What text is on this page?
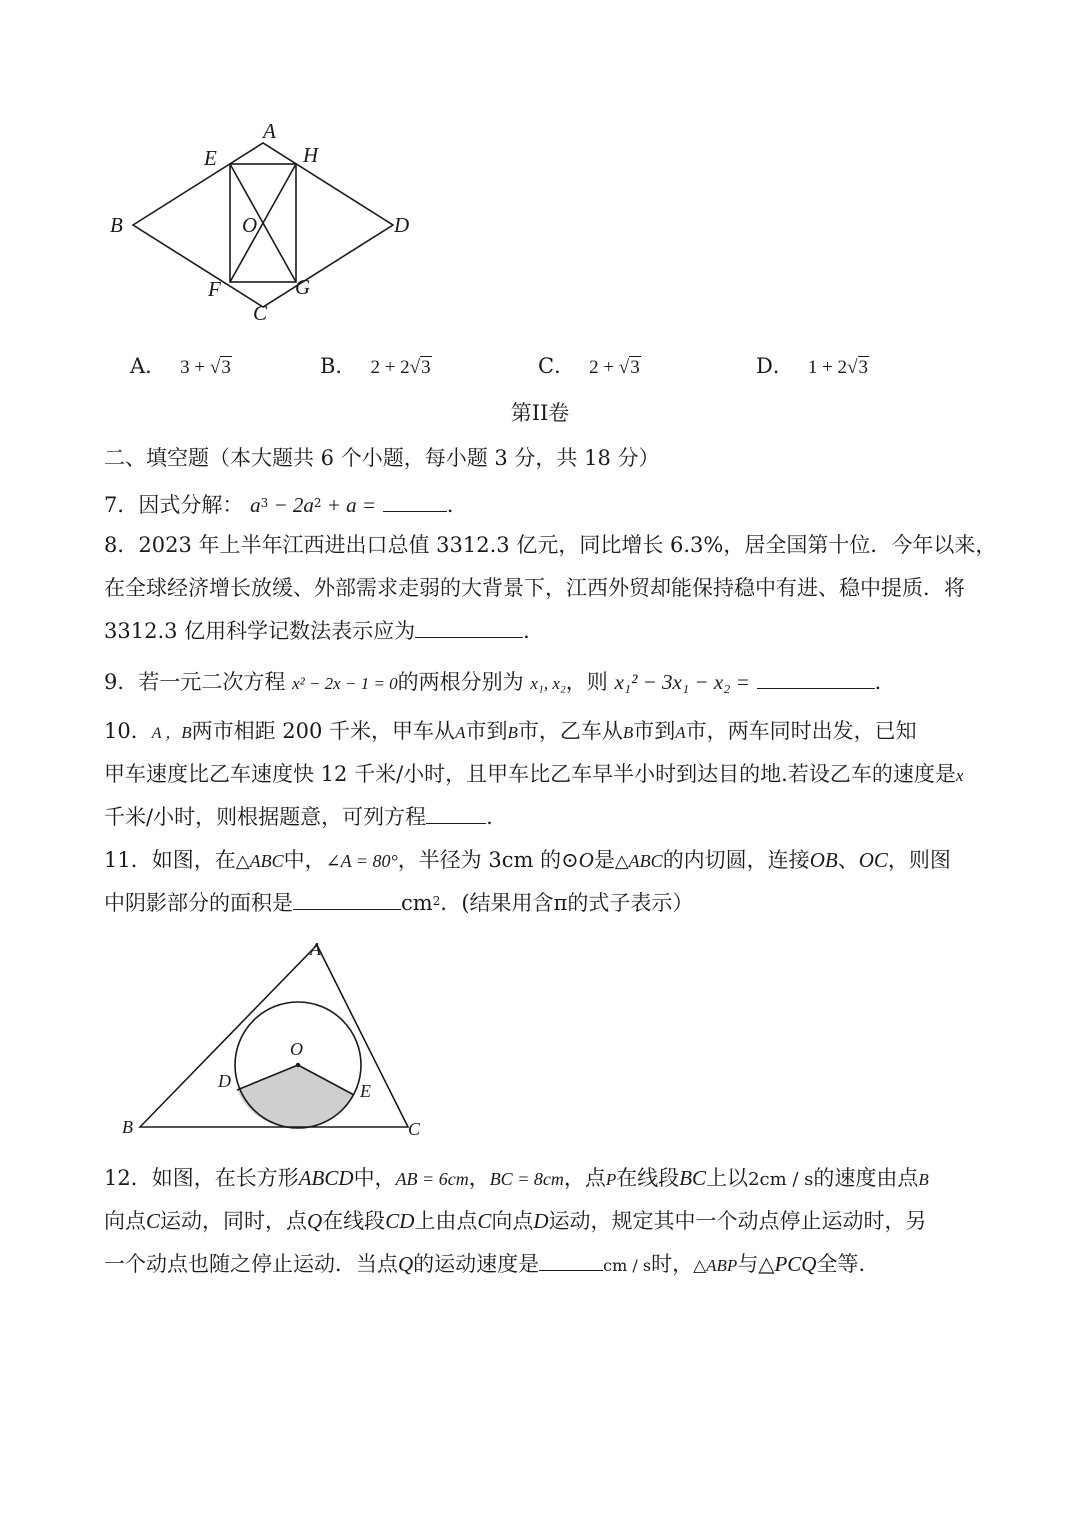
A
B
C
D
E
F	G
H
O
A． 3 + √3	B． 2 + 2√3	C． 2 + √3	D． 1 + 2√3
第II卷
二、填空题（本大题共 6 个小题，每小题 3 分，共 18 分）
7．因式分解： $a^3 - 2a^2 + a$ =	.
8．2023 年上半年江西进出口总值 3312.3 亿元，同比增长 6.3%，居全国第十位．今年以来，
在全球经济增长放缓、外部需求走弱的大背景下，江西外贸却能保持稳中有进、稳中提质．将
3312.3 亿用科学记数法表示应为	．
9．若一元二次方程 x² − 2x − 1 = 0的两根分别为 x₁, x₂，则 x₁² − 3x₁ − x₂ =	．
10．A ，B两市相距 200 千米，甲车从A市到B市，乙车从B市到A市，两车同时出发，已知
甲车速度比乙车速度快 12 千米/小时，且甲车比乙车早半小时到达目的地.若设乙车的速度是x
千米/小时，则根据题意，可列方程	.
11．如图，在△ABC中，∠A = 80°，半径为 3cm 的⊙O是△ABC的内切圆，连接OB、OC，则图
中阴影部分的面积是	$cm^2$．(结果用含π的式子表示）
A
B	C
D	E
O
12．如图，在长方形ABCD中，AB = 6cm，BC = 8cm，点P在线段BC上以2cm / s的速度由点B
向点C运动，同时，点Q在线段CD上由点C向点D运动，规定其中一个动点停止运动时，另
一个动点也随之停止运动．当点Q的运动速度是	cm / s时，△ABP与△PCQ全等.
